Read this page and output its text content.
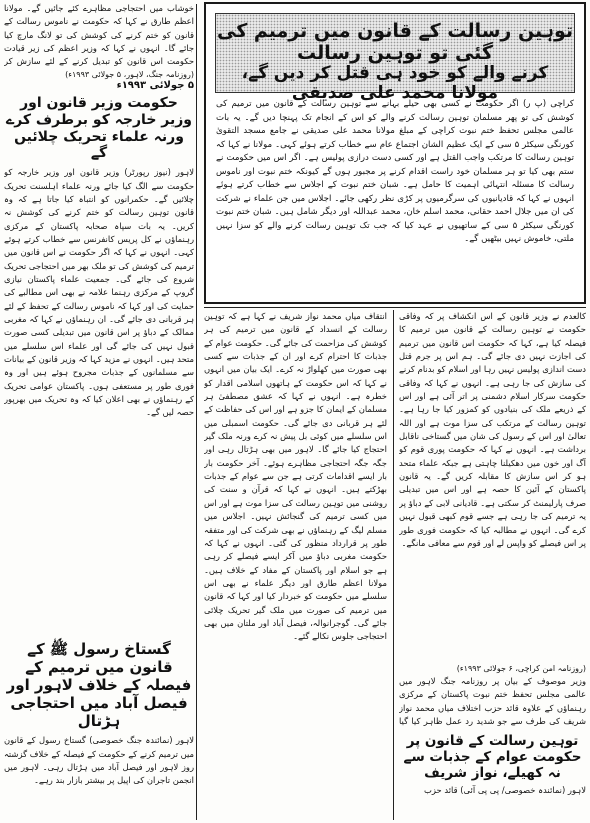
خوشاب میں احتجاجی مظاہرے کئے جائیں گے۔ مولانا اعظم طارق نے کہا کہ حکومت نے ناموس رسالت کے قانون کو ختم کرنے کی کوشش کی تو لانگ مارچ کیا جائے گا۔ انہوں نے کہا کہ وزیر اعظم کی زیر قیادت حکومت اس قانون کو تبدیل کرنے کے لئے سازش کر
(روزنامہ جنگ، لاہور، ۵ جولائی ۱۹۹۳ء)
۵ جولائی ۱۹۹۳ء
حکومت وزیر قانون اور وزیر خارجہ کو برطرف کرے ورنہ علماء تحریک چلائیں گے
لاہور (نیوز رپورٹر) وزیر قانون اور وزیر خارجہ کو حکومت سے الگ کیا جائے ورنہ علماء اہلسنت تحریک چلائیں گے۔ حکمرانوں کو انتباہ کیا جاتا ہے کہ وہ قانون توہین رسالت کو ختم کرنے کی کوشش نہ کریں۔ یہ بات سپاہ صحابہ پاکستان کے مرکزی رہنماؤں نے کل پریس کانفرنس سے خطاب کرتے ہوئے کہی۔ انہوں نے کہا کہ اگر حکومت نے اس قانون میں ترمیم کی کوشش کی تو ملک بھر میں احتجاجی تحریک شروع کی جائے گی۔ جمعیت علماء پاکستان نیازی گروپ کے مرکزی رہنما علامہ نے بھی اس مطالبے کی حمایت کی اور کہا کہ ناموس رسالت کے تحفظ کے لئے ہر قربانی دی جائے گی۔ ان رہنماؤں نے کہا کہ مغربی ممالک کے دباؤ پر اس قانون میں تبدیلی کسی صورت قبول نہیں کی جائے گی اور علماء اس سلسلے میں متحد ہیں۔ انہوں نے مزید کہا کہ وزیر قانون کے بیانات سے مسلمانوں کے جذبات مجروح ہوئے ہیں اور وہ فوری طور پر مستعفی ہوں۔ پاکستان عوامی تحریک کے رہنماؤں نے بھی اعلان کیا کہ وہ تحریک میں بھرپور حصہ لیں گے۔
گستاخ رسول ﷺ کے قانون میں ترمیم کے فیصلہ کے خلاف لاہور اور فیصل آباد میں احتجاجی ہڑتال
لاہور (نمائندہ جنگ خصوصی) گستاخ رسول کے قانون میں ترمیم کرنے کے حکومت کے فیصلہ کے خلاف گزشتہ روز لاہور اور فیصل آباد میں ہڑتال رہی۔ لاہور میں انجمن تاجران کی اپیل پر بیشتر بازار بند رہے۔
توہین رسالت کے قانون میں ترمیم کی گئی تو توہین رسالت
کرنے والے کو خود ہی قتل کر دیں گے، مولانا محمد علی صدیقی
کراچی (پ ر) اگر حکومت نے کسی بھی حیلے بہانے سے توہین رسالت کے قانون میں ترمیم کی کوشش کی تو پھر مسلمان توہین رسالت کرنے والے کو اس کے انجام تک پہنچا دیں گے۔ یہ بات عالمی مجلس تحفظ ختم نبوت کراچی کے مبلغ مولانا محمد علی صدیقی نے جامع مسجد التقویٰ کورنگی سیکٹر ۵ سی کے ایک عظیم الشان اجتماع عام سے خطاب کرتے ہوئے کہی۔ مولانا نے کہا کہ توہین رسالت کا مرتکب واجب القتل ہے اور کسی دست درازی پولیس ہے۔ اگر اس میں حکومت نے ستم بھی کیا تو ہر مسلمان خود راست اقدام کرنے پر مجبور ہوں گے کیونکہ ختم نبوت اور ناموس رسالت کا مسئلہ انتہائی اہمیت کا حامل ہے۔ شبان ختم نبوت کے اجلاس سے خطاب کرتے ہوئے انہوں نے کہا کہ قادیانیوں کی سرگرمیوں پر کڑی نظر رکھی جائے۔ اجلاس میں جن علماء نے شرکت کی ان میں جلال احمد حقانی، محمد اسلم خان، محمد عبداللہ اور دیگر شامل ہیں۔ شبان ختم نبوت کورنگی سیکٹر ۵ سی کے ساتھیوں نے عہد کیا کہ جب تک توہین رسالت کرنے والے کو سزا نہیں ملتی، خاموش نہیں بیٹھیں گے۔
انتقاف میاں محمد نواز شریف نے کہا ہے کہ توہین رسالت کے انسداد کے قانون میں ترمیم کی ہر کوشش کی مزاحمت کی جائے گی۔ حکومت عوام کے جذبات کا احترام کرے اور ان کے جذبات سے کسی بھی صورت میں کھلواڑ نہ کرے۔ ایک بیان میں انہوں نے کہا کہ اس حکومت کے ہاتھوں اسلامی اقدار کو خطرہ ہے۔ انہوں نے کہا کہ عشق مصطفیٰ ہر مسلمان کے ایمان کا جزو ہے اور اس کی حفاظت کے لئے ہر قربانی دی جائے گی۔ حکومت اسمبلی میں اس سلسلے میں کوئی بل پیش نہ کرے ورنہ ملک گیر احتجاج کیا جائے گا۔ لاہور میں بھی ہڑتال رہی اور جگہ جگہ احتجاجی مظاہرے ہوئے۔ آخر حکومت بار بار ایسے اقدامات کرتی ہے جن سے عوام کے جذبات بھڑکتے ہیں۔ انہوں نے کہا کہ قرآن و سنت کی روشنی میں توہین رسالت کی سزا موت ہے اور اس میں کسی ترمیم کی گنجائش نہیں۔ اجلاس میں مسلم لیگ کے رہنماؤں نے بھی شرکت کی اور متفقہ طور پر قرارداد منظور کی گئی۔ انہوں نے کہا کہ حکومت مغربی دباؤ میں آکر ایسے فیصلے کر رہی ہے جو اسلام اور پاکستان کے مفاد کے خلاف ہیں۔ مولانا اعظم طارق اور دیگر علماء نے بھی اس سلسلے میں حکومت کو خبردار کیا اور کہا کہ قانون میں ترمیم کی صورت میں ملک گیر تحریک چلائی جائے گی۔ گوجرانوالہ، فیصل آباد اور ملتان میں بھی احتجاجی جلوس نکالے گئے۔
کالعدم نے وزیر قانون کے اس انکشاف پر کہ وفاقی حکومت نے توہین رسالت کے قانون میں ترمیم کا فیصلہ کیا ہے، کہا کہ حکومت اس قانون میں ترمیم کی اجازت نہیں دی جائے گی۔ ہم اس پر جرم قتل دست اندازی پولیس نہیں رہا اور اسلام کو بدنام کرنے کی سازش کی جا رہی ہے۔ انہوں نے کہا کہ وفاقی حکومت سرکار اسلام دشمنی پر اتر آئی ہے اور اس کے ذریعے ملک کی بنیادوں کو کمزور کیا جا رہا ہے۔ توہین رسالت کے مرتکب کی سزا موت ہے اور اللہ تعالیٰ اور اس کے رسول کی شان میں گستاخی ناقابل برداشت ہے۔ انہوں نے کہا کہ حکومت پوری قوم کو آگ اور خون میں دھکیلنا چاہتی ہے جبکہ علماء متحد ہو کر اس سازش کا مقابلہ کریں گے۔ یہ قانون پاکستان کے آئین کا حصہ ہے اور اس میں تبدیلی صرف پارلیمنٹ کر سکتی ہے۔ قادیانی لابی کے دباؤ پر یہ ترمیم کی جا رہی ہے جسے قوم کبھی قبول نہیں کرے گی۔ انہوں نے مطالبہ کیا کہ حکومت فوری طور پر اس فیصلے کو واپس لے اور قوم سے معافی مانگے۔
(روزنامہ امن کراچی، ۶ جولائی ۱۹۹۳ء)
وزیر موصوف کے بیان پر روزنامہ جنگ لاہور میں عالمی مجلس تحفظ ختم نبوت پاکستان کے مرکزی رہنماؤں کے علاوہ قائد حزب اختلاف میاں محمد نواز شریف کی طرف سے جو شدید رد عمل ظاہر کیا گیا
توہین رسالت کے قانون پر حکومت عوام کے جذبات سے نہ کھیلے، نواز شریف
لاہور (نمائندہ خصوصی/ پی پی آئی) قائد حزب
